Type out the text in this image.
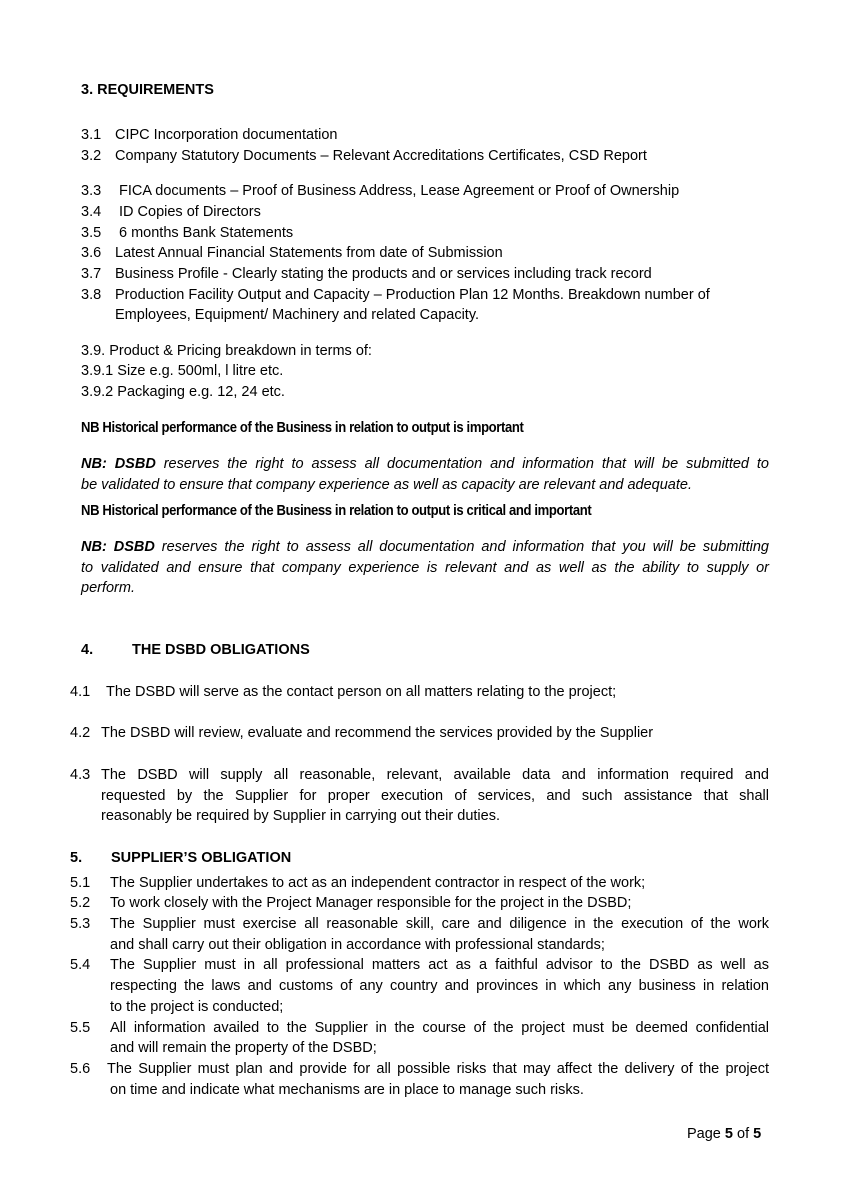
3. REQUIREMENTS
3.1 CIPC Incorporation documentation
3.2 Company Statutory Documents – Relevant Accreditations Certificates, CSD Report
3.3 FICA documents – Proof of Business Address, Lease Agreement or Proof of Ownership
3.4 ID Copies of Directors
3.5 6 months Bank Statements
3.6 Latest Annual Financial Statements from date of Submission
3.7 Business Profile - Clearly stating the products and or services including track record
3.8 Production Facility Output and Capacity – Production Plan 12 Months. Breakdown number of
Employees, Equipment/ Machinery and related Capacity.
3.9. Product & Pricing breakdown in terms of:
3.9.1 Size e.g. 500ml, l litre etc.
3.9.2 Packaging e.g. 12, 24 etc.
NB Historical performance of the Business in relation to output is important
NB: DSBD reserves the right to assess all documentation and information that will be submitted to
be validated to ensure that company experience as well as capacity are relevant and adequate.
NB Historical performance of the Business in relation to output is critical and important
NB: DSBD reserves the right to assess all documentation and information that you will be submitting
to validated and ensure that company experience is relevant and as well as the ability to supply or
perform.
4.	THE DSBD OBLIGATIONS
4.1 The DSBD will serve as the contact person on all matters relating to the project;
4.2 The DSBD will review, evaluate and recommend the services provided by the Supplier
4.3 The DSBD will supply all reasonable, relevant, available data and information required and
requested by the Supplier for proper execution of services, and such assistance that shall
reasonably be required by Supplier in carrying out their duties.
5. SUPPLIER’S OBLIGATION
5.1 The Supplier undertakes to act as an independent contractor in respect of the work;
5.2 To work closely with the Project Manager responsible for the project in the DSBD;
5.3	The Supplier must exercise all reasonable skill, care and diligence in the execution of the work
and shall carry out their obligation in accordance with professional standards;
5.4	The Supplier must in all professional matters act as a faithful advisor to the DSBD as well as
respecting the laws and customs of any country and provinces in which any business in relation
to the project is conducted;
5.5	All information availed to the Supplier in the course of the project must be deemed confidential
and will remain the property of the DSBD;
5.6	The Supplier must plan and provide for all possible risks that may affect the delivery of the project
on time and indicate what mechanisms are in place to manage such risks.
Page 5 of 5
